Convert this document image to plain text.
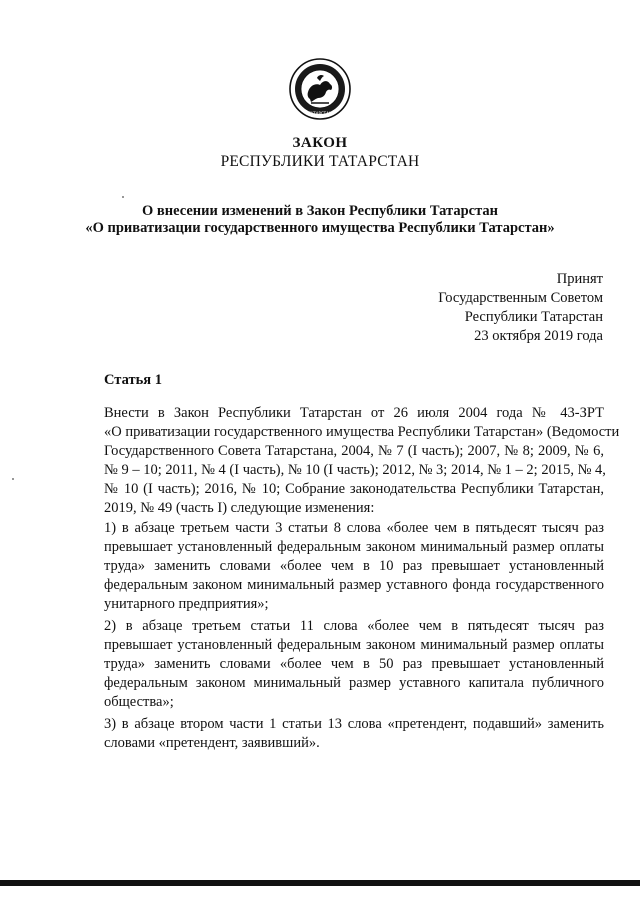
ТАТАРСТАН
ЗАКОН
РЕСПУБЛИКИ ТАТАРСТАН
О внесении изменений в Закон Республики Татарстан
«О приватизации государственного имущества Республики Татарстан»
Принят
Государственным Советом
Республики Татарстан
23 октября 2019 года
Статья 1
Внести в Закон Республики Татарстан от 26 июля 2004 года № 43-ЗРТ
«О приватизации государственного имущества Республики Татарстан» (Ведомости
Государственного Совета Татарстана, 2004, № 7 (I часть); 2007, № 8; 2009, № 6,
№ 9 – 10; 2011, № 4 (I часть), № 10 (I часть); 2012, № 3; 2014, № 1 – 2; 2015, № 4,
№ 10 (I часть); 2016, № 10; Собрание законодательства Республики Татарстан,
2019, № 49 (часть I) следующие изменения:
1) в абзаце третьем части 3 статьи 8 слова «более чем в пятьдесят тысяч раз
превышает установленный федеральным законом минимальный размер оплаты
труда» заменить словами «более чем в 10 раз превышает установленный
федеральным законом минимальный размер уставного фонда государственного
унитарного предприятия»;
2) в абзаце третьем статьи 11 слова «более чем в пятьдесят тысяч раз
превышает установленный федеральным законом минимальный размер оплаты
труда» заменить словами «более чем в 50 раз превышает установленный
федеральным законом минимальный размер уставного капитала публичного
общества»;
3) в абзаце втором части 1 статьи 13 слова «претендент, подавший» заменить
словами «претендент, заявивший».
